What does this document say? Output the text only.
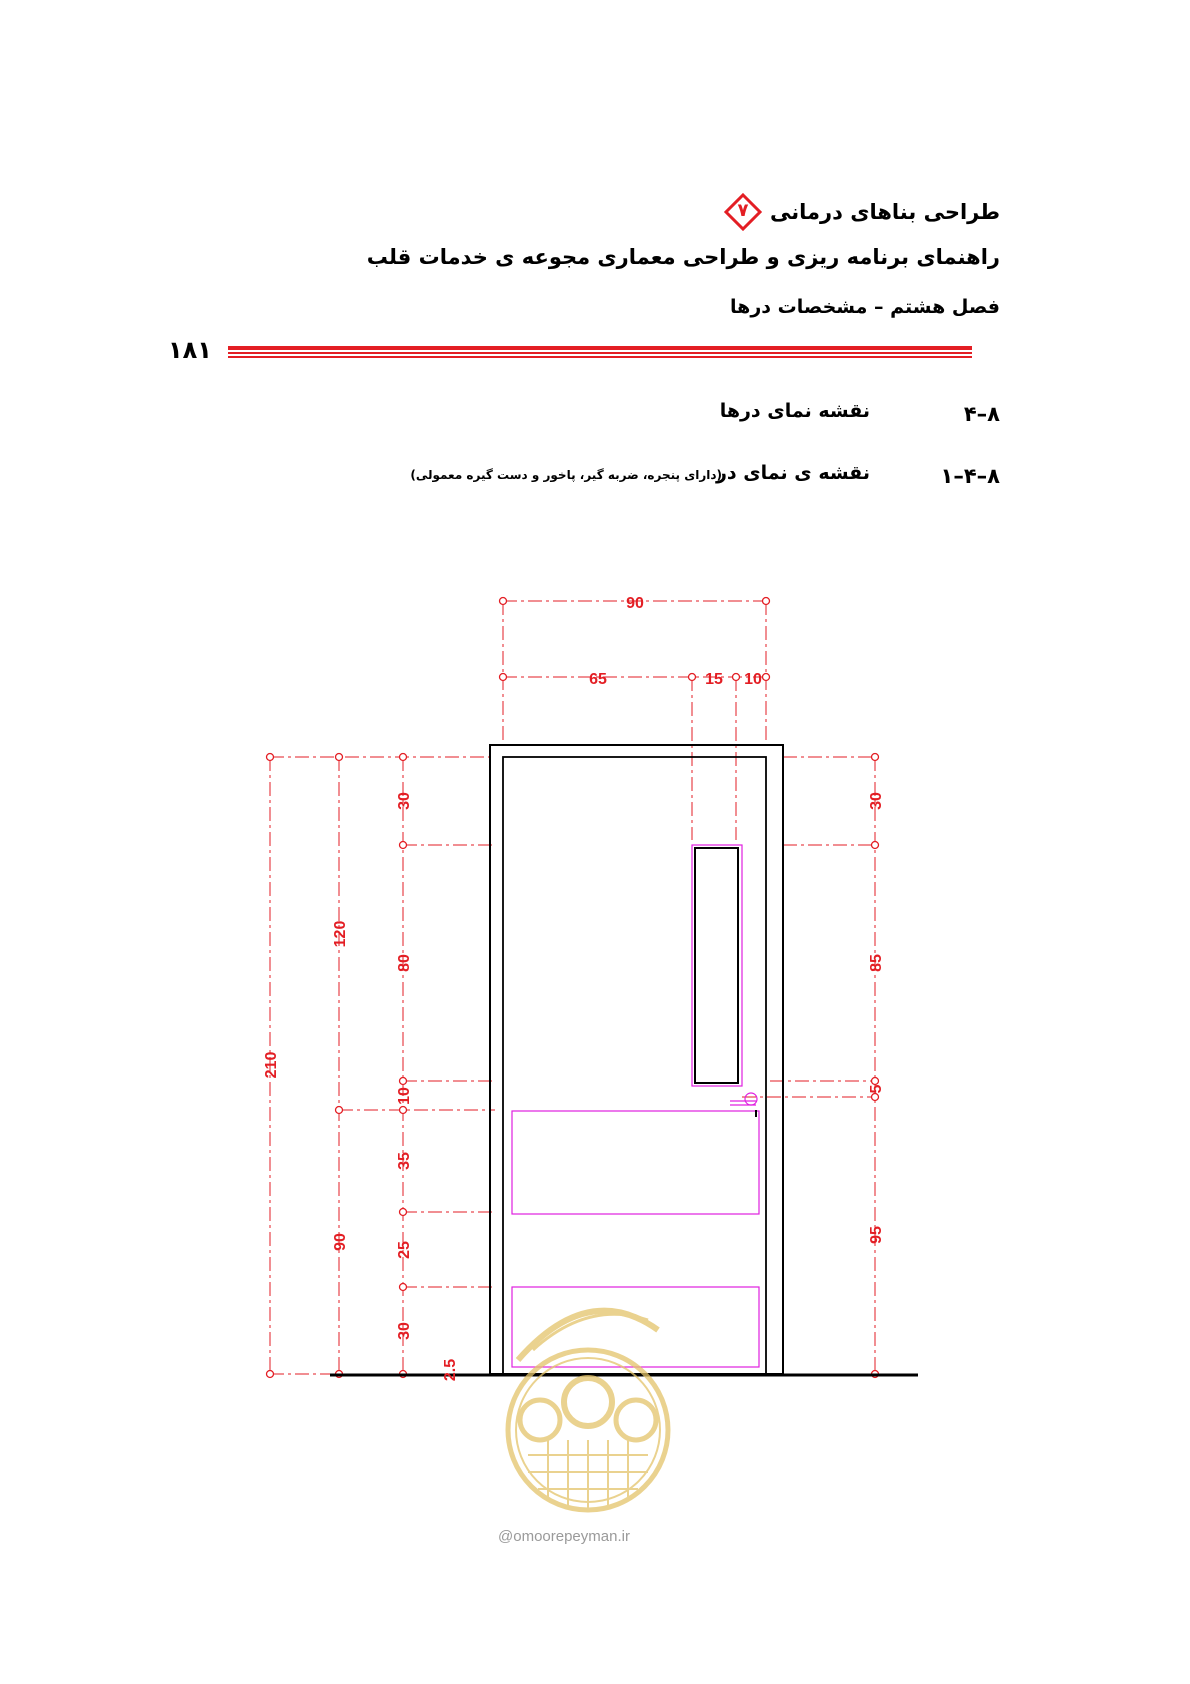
طراحی بناهای درمانی
۷
راهنمای برنامه ریزی و طراحی معماری مجوعه ی خدمات قلب
فصل هشتم – مشخصات درها
۱۸۱
۸–۴
نقشه نمای درها
۸–۴–۱
نقشه ی نمای در
(دارای پنجره، ضربه گیر، پاخور و دست گیره معمولی)
90
65	15 10
210
120
90
30
80
10
35
25
30
2.5
30
85
5
95
@omoorepeyman.ir
